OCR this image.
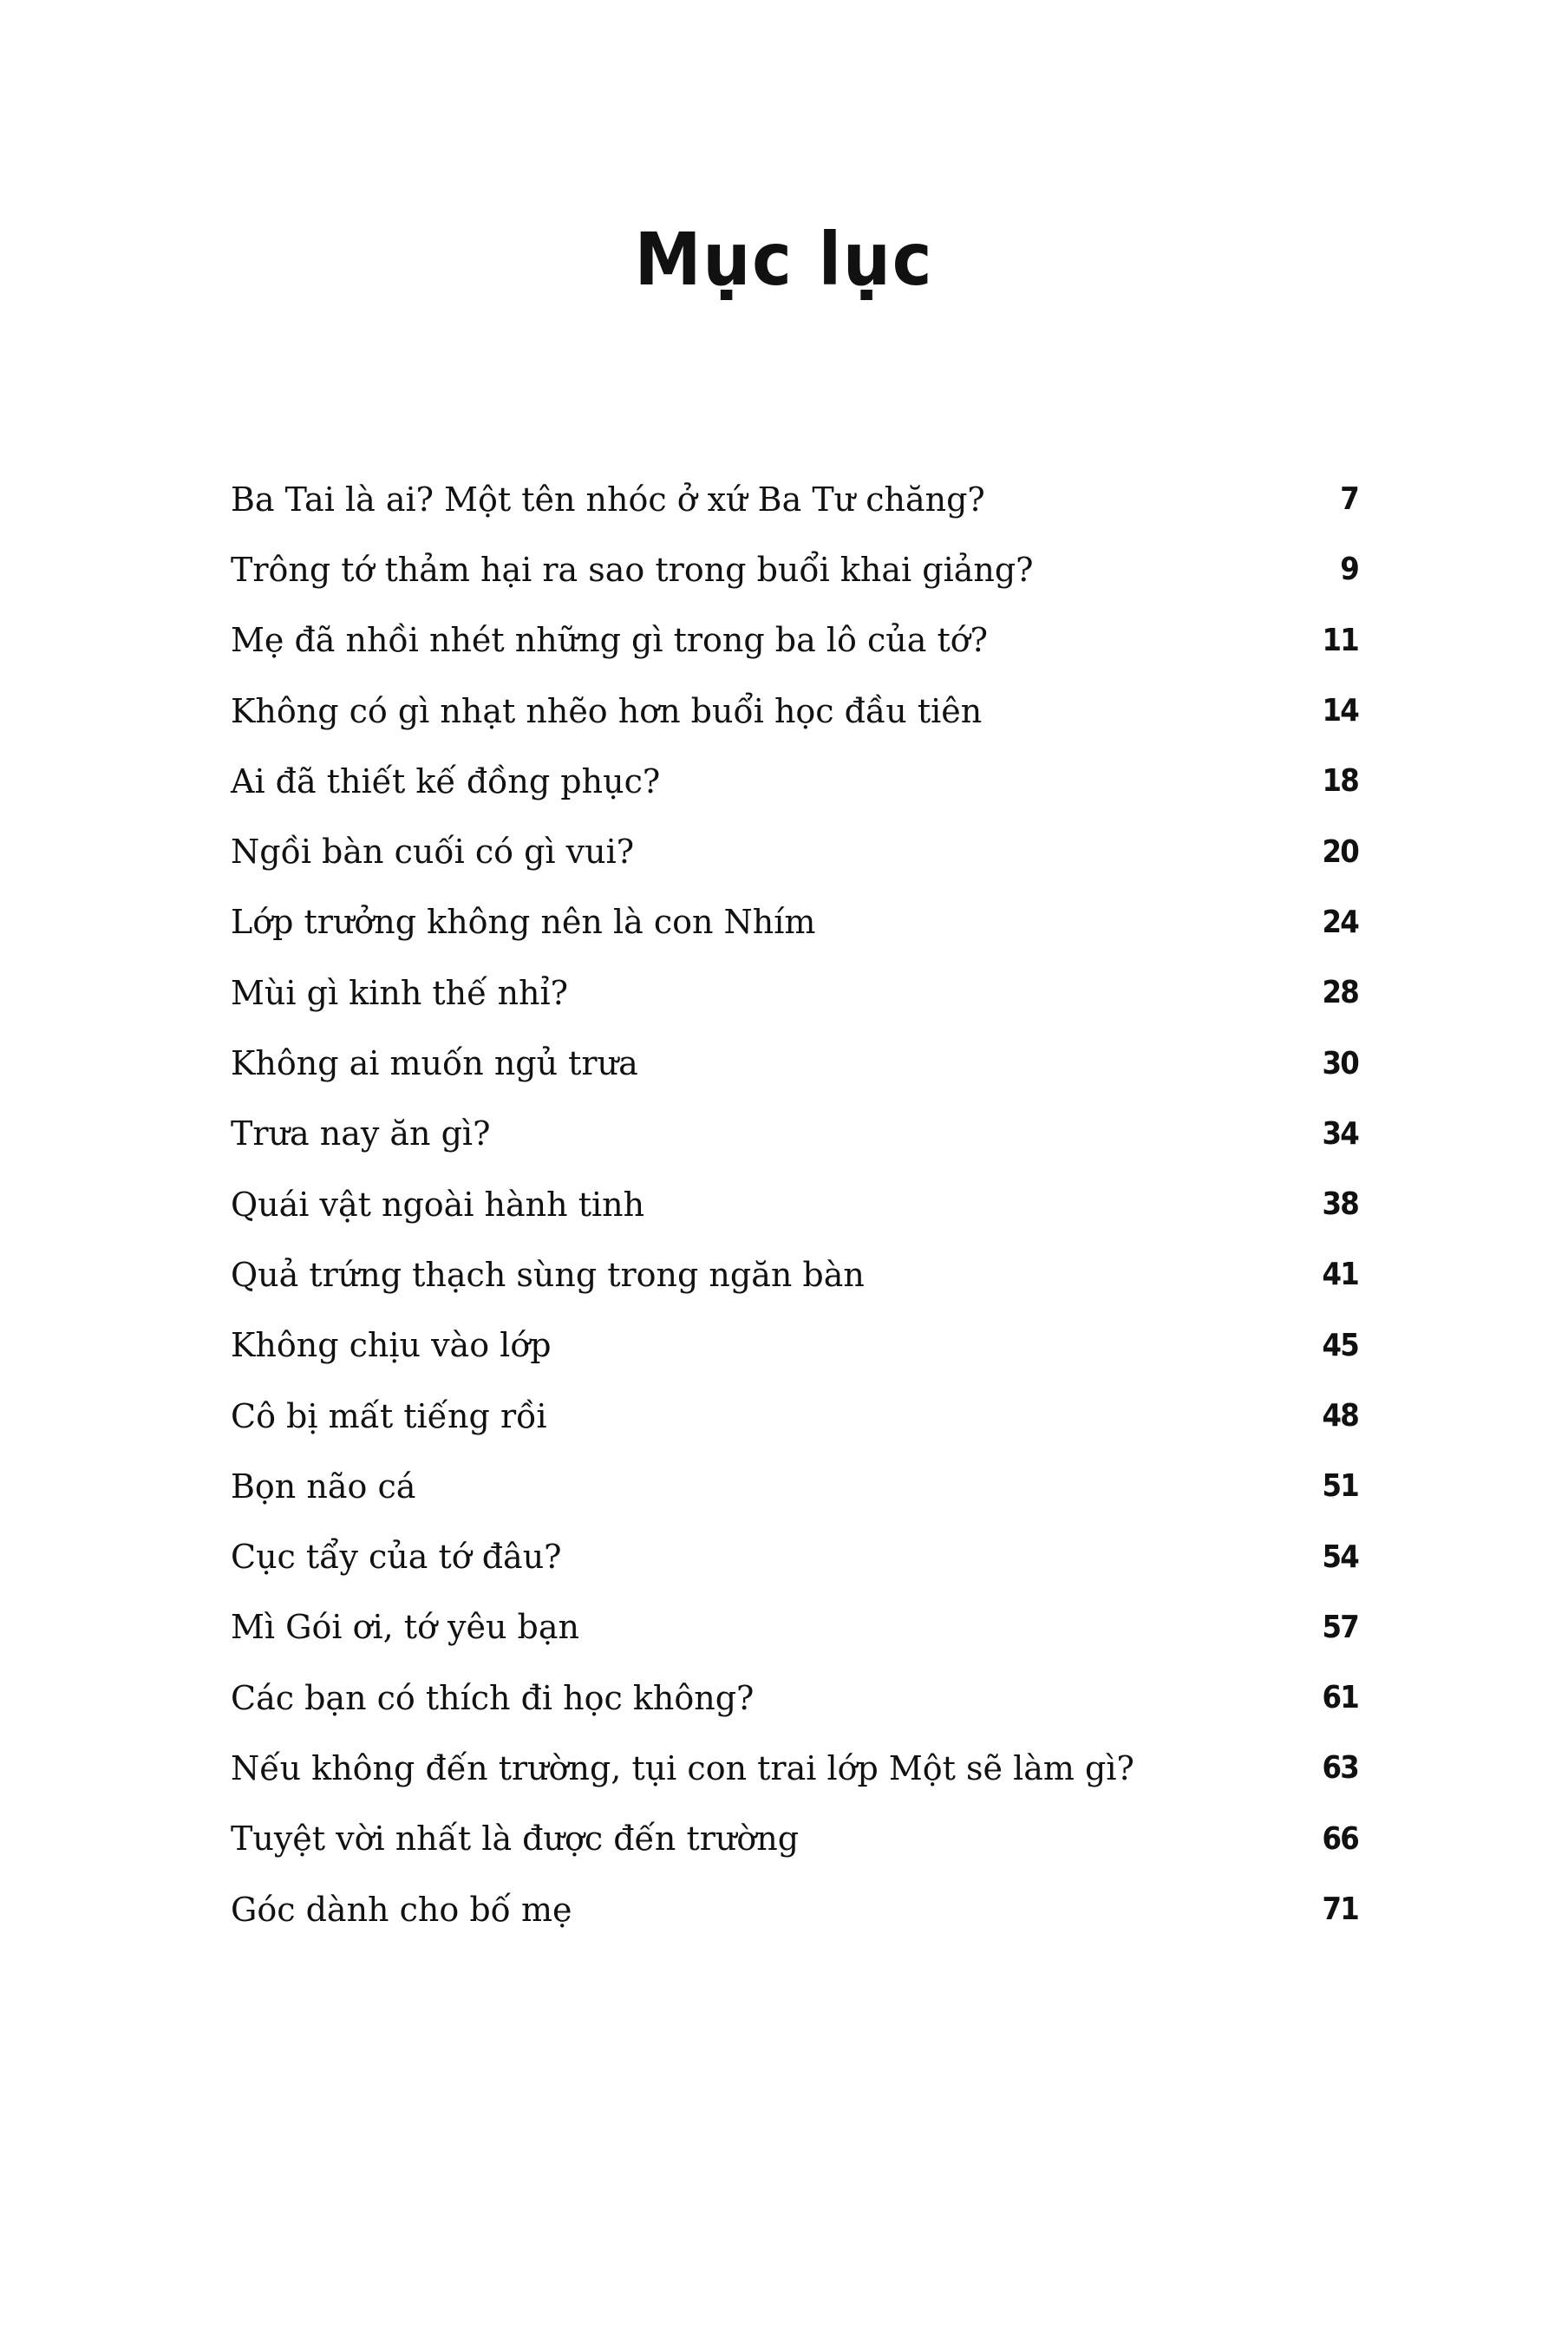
Mục lục
Ba Tai là ai? Một tên nhóc ở xứ Ba Tư chăng?	7
Trông tớ thảm hại ra sao trong buổi khai giảng?	9
Mẹ đã nhồi nhét những gì trong ba lô của tớ?	11
Không có gì nhạt nhẽo hơn buổi học đầu tiên	14
Ai đã thiết kế đồng phục?	18
Ngồi bàn cuối có gì vui?	20
Lớp trưởng không nên là con Nhím	24
Mùi gì kinh thế nhỉ?	28
Không ai muốn ngủ trưa	30
Trưa nay ăn gì?	34
Quái vật ngoài hành tinh	38
Quả trứng thạch sùng trong ngăn bàn	41
Không chịu vào lớp	45
Cô bị mất tiếng rồi	48
Bọn não cá	51
Cục tẩy của tớ đâu?	54
Mì Gói ơi, tớ yêu bạn	57
Các bạn có thích đi học không?	61
Nếu không đến trường, tụi con trai lớp Một sẽ làm gì?	63
Tuyệt vời nhất là được đến trường	66
Góc dành cho bố mẹ	71
